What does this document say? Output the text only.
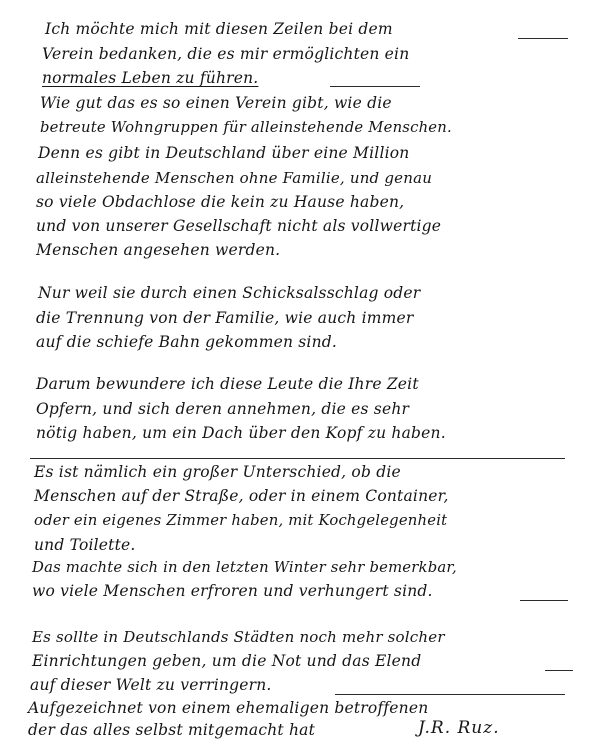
Ich möchte mich mit diesen Zeilen bei dem
Verein bedanken, die es mir ermöglichten ein
normales Leben zu führen.
Wie gut das es so einen Verein gibt, wie die
betreute Wohngruppen für alleinstehende Menschen.
Denn es gibt in Deutschland über eine Million
alleinstehende Menschen ohne Familie, und genau
so viele Obdachlose die kein zu Hause haben,
und von unserer Gesellschaft nicht als vollwertige
Menschen angesehen werden.
Nur weil sie durch einen Schicksalsschlag oder
die Trennung von der Familie, wie auch immer
auf die schiefe Bahn gekommen sind.
Darum bewundere ich diese Leute die Ihre Zeit
Opfern, und sich deren annehmen, die es sehr
nötig haben, um ein Dach über den Kopf zu haben.
Es ist nämlich ein großer Unterschied, ob die
Menschen auf der Straße, oder in einem Container,
oder ein eigenes Zimmer haben, mit Kochgelegenheit
und Toilette.
Das machte sich in den letzten Winter sehr bemerkbar,
wo viele Menschen erfroren und verhungert sind.
Es sollte in Deutschlands Städten noch mehr solcher
Einrichtungen geben, um die Not und das Elend
auf dieser Welt zu verringern.
Aufgezeichnet von einem ehemaligen betroffenen
der das alles selbst mitgemacht hat	J.R. Ruz.
